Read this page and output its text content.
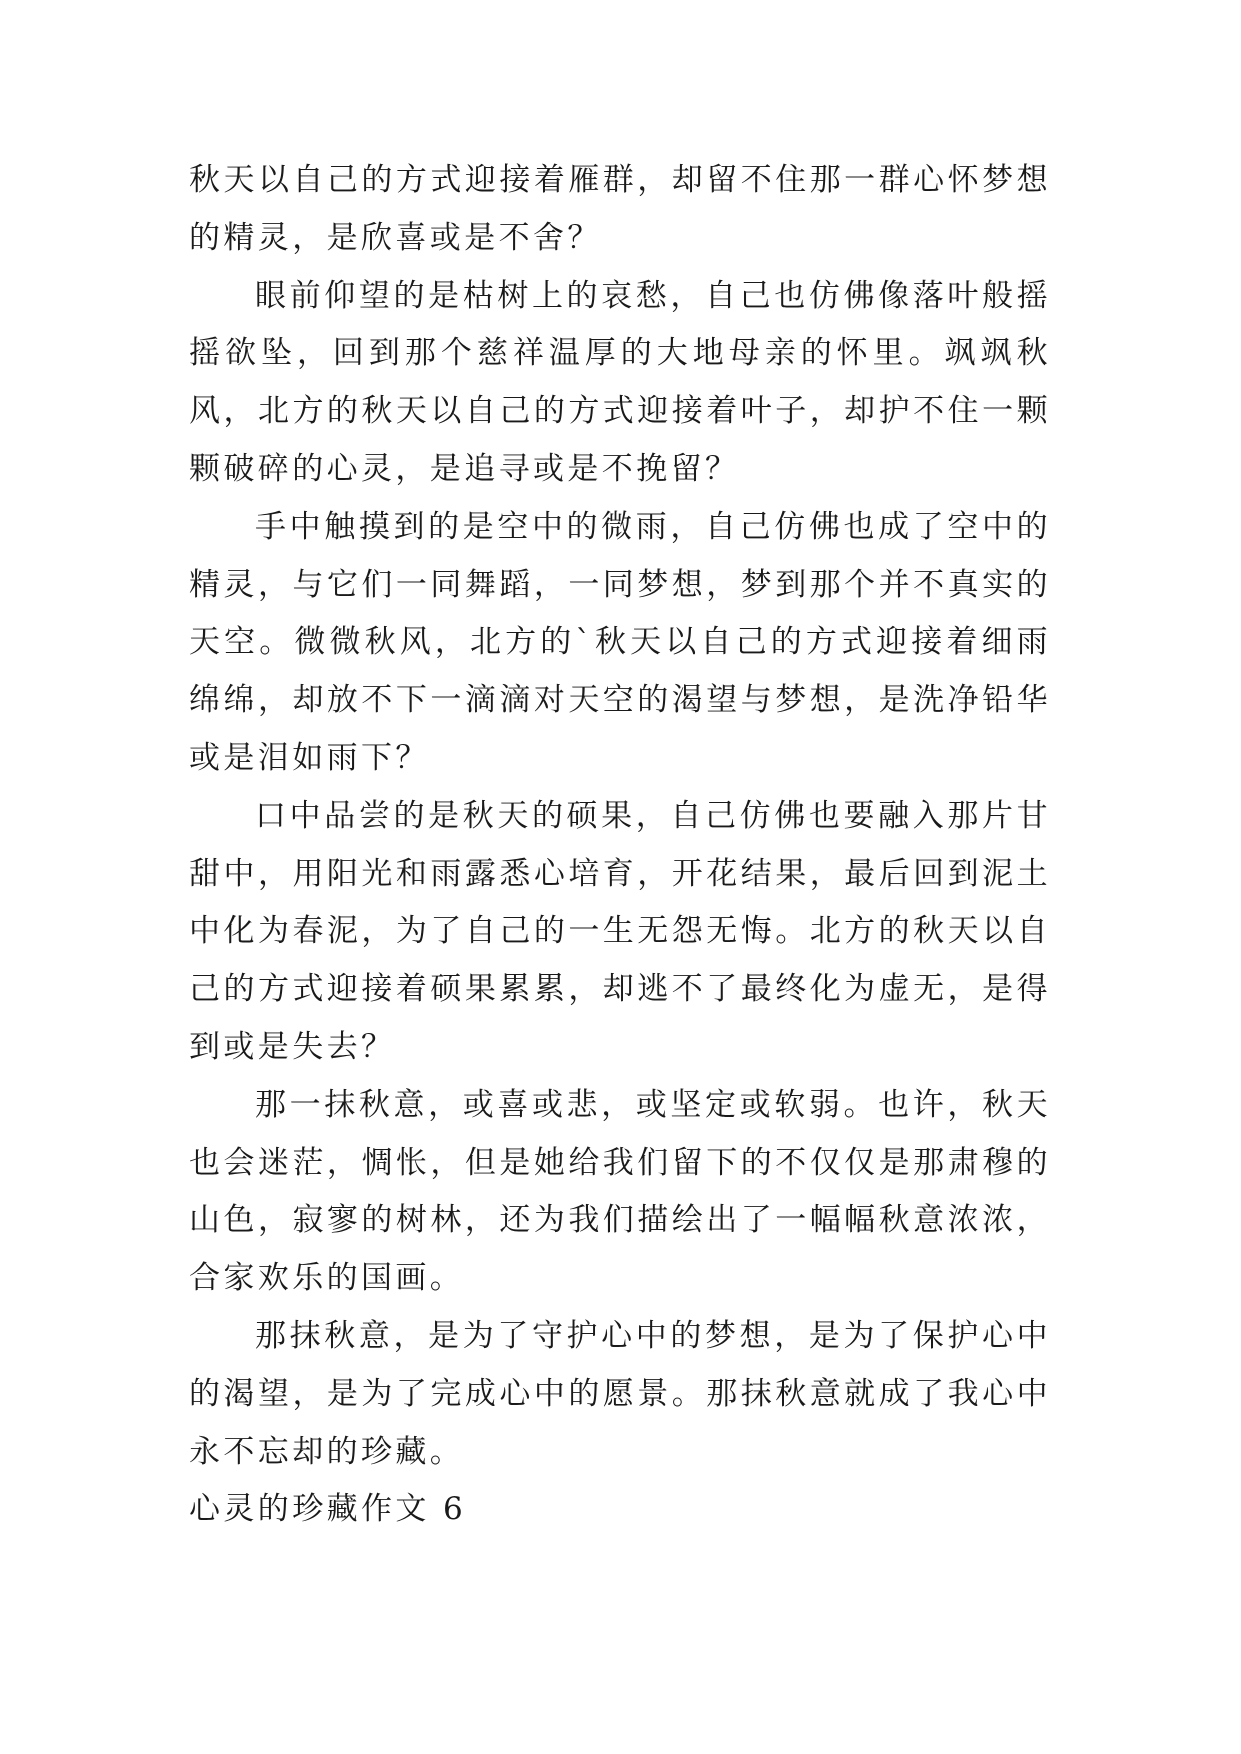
秋天以自己的方式迎接着雁群，却留不住那一群心怀梦想的精灵，是欣喜或是不舍？

眼前仰望的是枯树上的哀愁，自己也仿佛像落叶般摇摇欲坠，回到那个慈祥温厚的大地母亲的怀里。飒飒秋风，北方的秋天以自己的方式迎接着叶子，却护不住一颗颗破碎的心灵，是追寻或是不挽留？

手中触摸到的是空中的微雨，自己仿佛也成了空中的精灵，与它们一同舞蹈，一同梦想，梦到那个并不真实的天空。微微秋风，北方的`秋天以自己的方式迎接着细雨绵绵，却放不下一滴滴对天空的渴望与梦想，是洗净铅华或是泪如雨下？

口中品尝的是秋天的硕果，自己仿佛也要融入那片甘甜中，用阳光和雨露悉心培育，开花结果，最后回到泥土中化为春泥，为了自己的一生无怨无悔。北方的秋天以自己的方式迎接着硕果累累，却逃不了最终化为虚无，是得到或是失去？

那一抹秋意，或喜或悲，或坚定或软弱。也许，秋天也会迷茫，惆怅，但是她给我们留下的不仅仅是那肃穆的山色，寂寥的树林，还为我们描绘出了一幅幅秋意浓浓，合家欢乐的国画。

那抹秋意，是为了守护心中的梦想，是为了保护心中的渴望，是为了完成心中的愿景。那抹秋意就成了我心中永不忘却的珍藏。

心灵的珍藏作文 6
